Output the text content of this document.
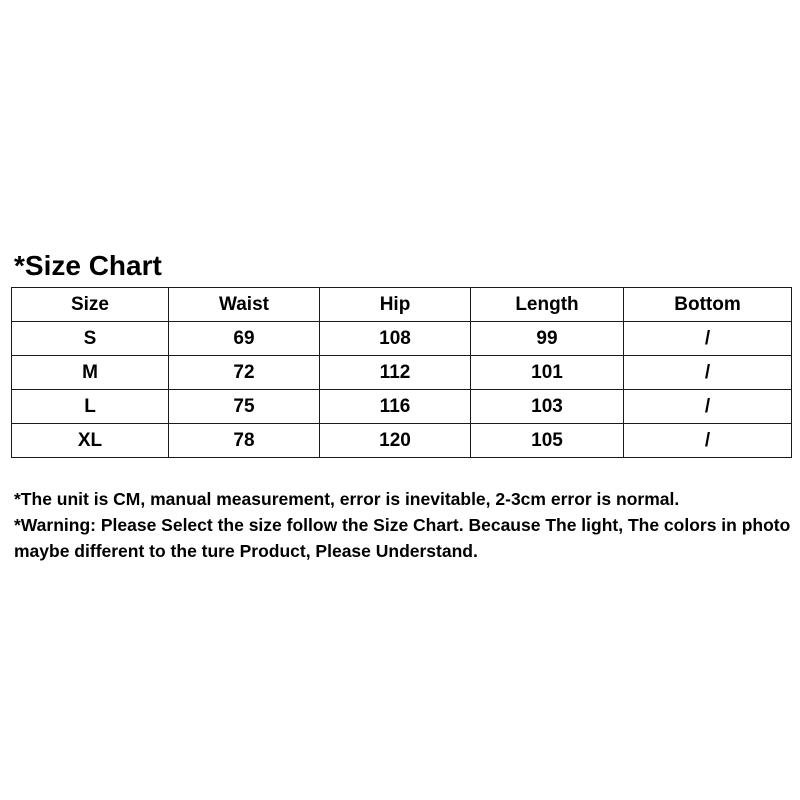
*Size Chart
Size	Waist	Hip	Length	Bottom
S	69	108	99	/
M	72	112	101	/
L	75	116	103	/
XL	78	120	105	/

*The unit is CM, manual measurement, error is inevitable, 2-3cm error is normal.

*Warning: Please Select the size follow the Size Chart. Because The light, The colors in photo maybe different to the ture Product, Please Understand.
